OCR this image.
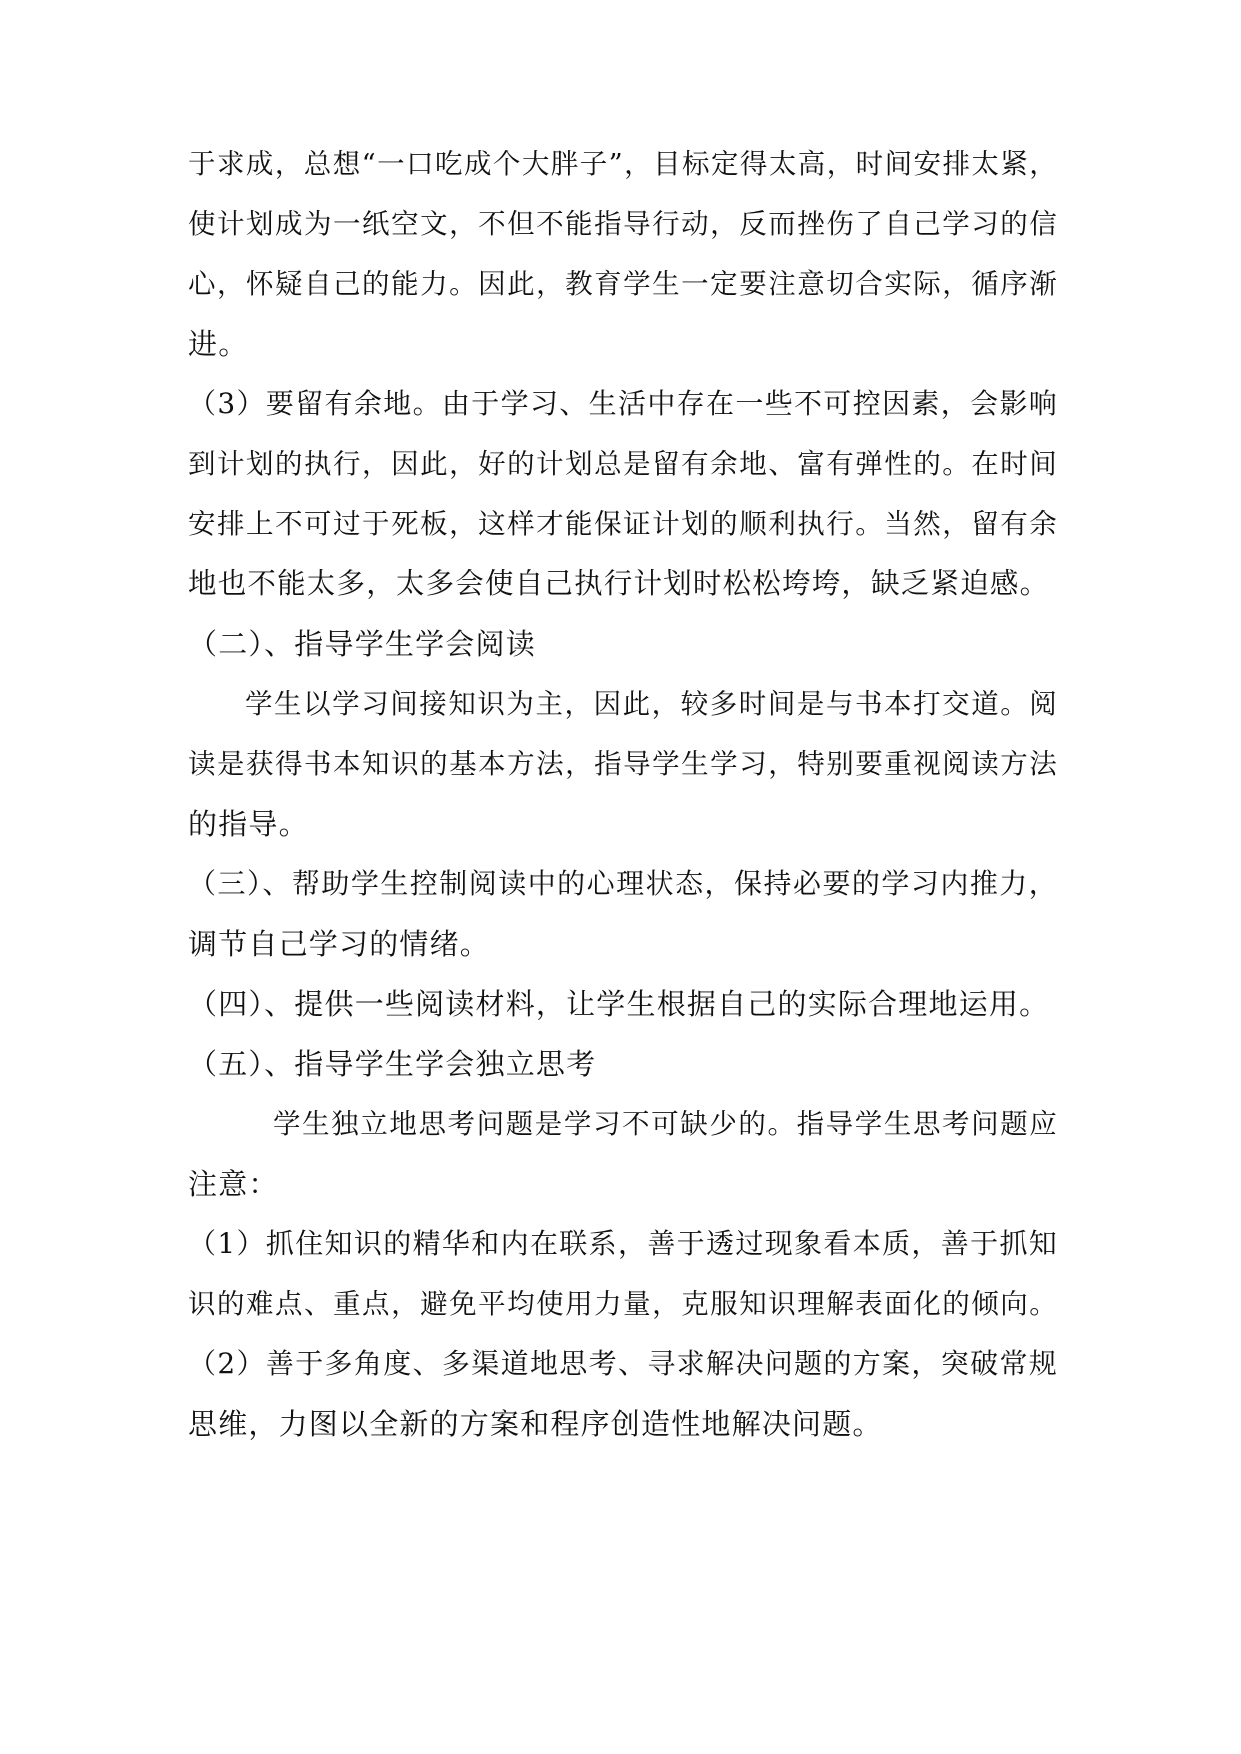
于求成，总想“一口吃成个大胖子”，目标定得太高，时间安排太紧，
使计划成为一纸空文，不但不能指导行动，反而挫伤了自己学习的信
心，怀疑自己的能力。因此，教育学生一定要注意切合实际，循序渐
进。
（3）要留有余地。由于学习、生活中存在一些不可控因素，会影响
到计划的执行，因此，好的计划总是留有余地、富有弹性的。在时间
安排上不可过于死板，这样才能保证计划的顺利执行。当然，留有余
地也不能太多，太多会使自己执行计划时松松垮垮，缺乏紧迫感。
（二）、指导学生学会阅读
学生以学习间接知识为主，因此，较多时间是与书本打交道。阅
读是获得书本知识的基本方法，指导学生学习，特别要重视阅读方法
的指导。
（三）、帮助学生控制阅读中的心理状态，保持必要的学习内推力，
调节自己学习的情绪。
（四）、提供一些阅读材料，让学生根据自己的实际合理地运用。
（五）、指导学生学会独立思考
学生独立地思考问题是学习不可缺少的。指导学生思考问题应
注意：
（1）抓住知识的精华和内在联系，善于透过现象看本质，善于抓知
识的难点、重点，避免平均使用力量，克服知识理解表面化的倾向。
（2）善于多角度、多渠道地思考、寻求解决问题的方案，突破常规
思维，力图以全新的方案和程序创造性地解决问题。
